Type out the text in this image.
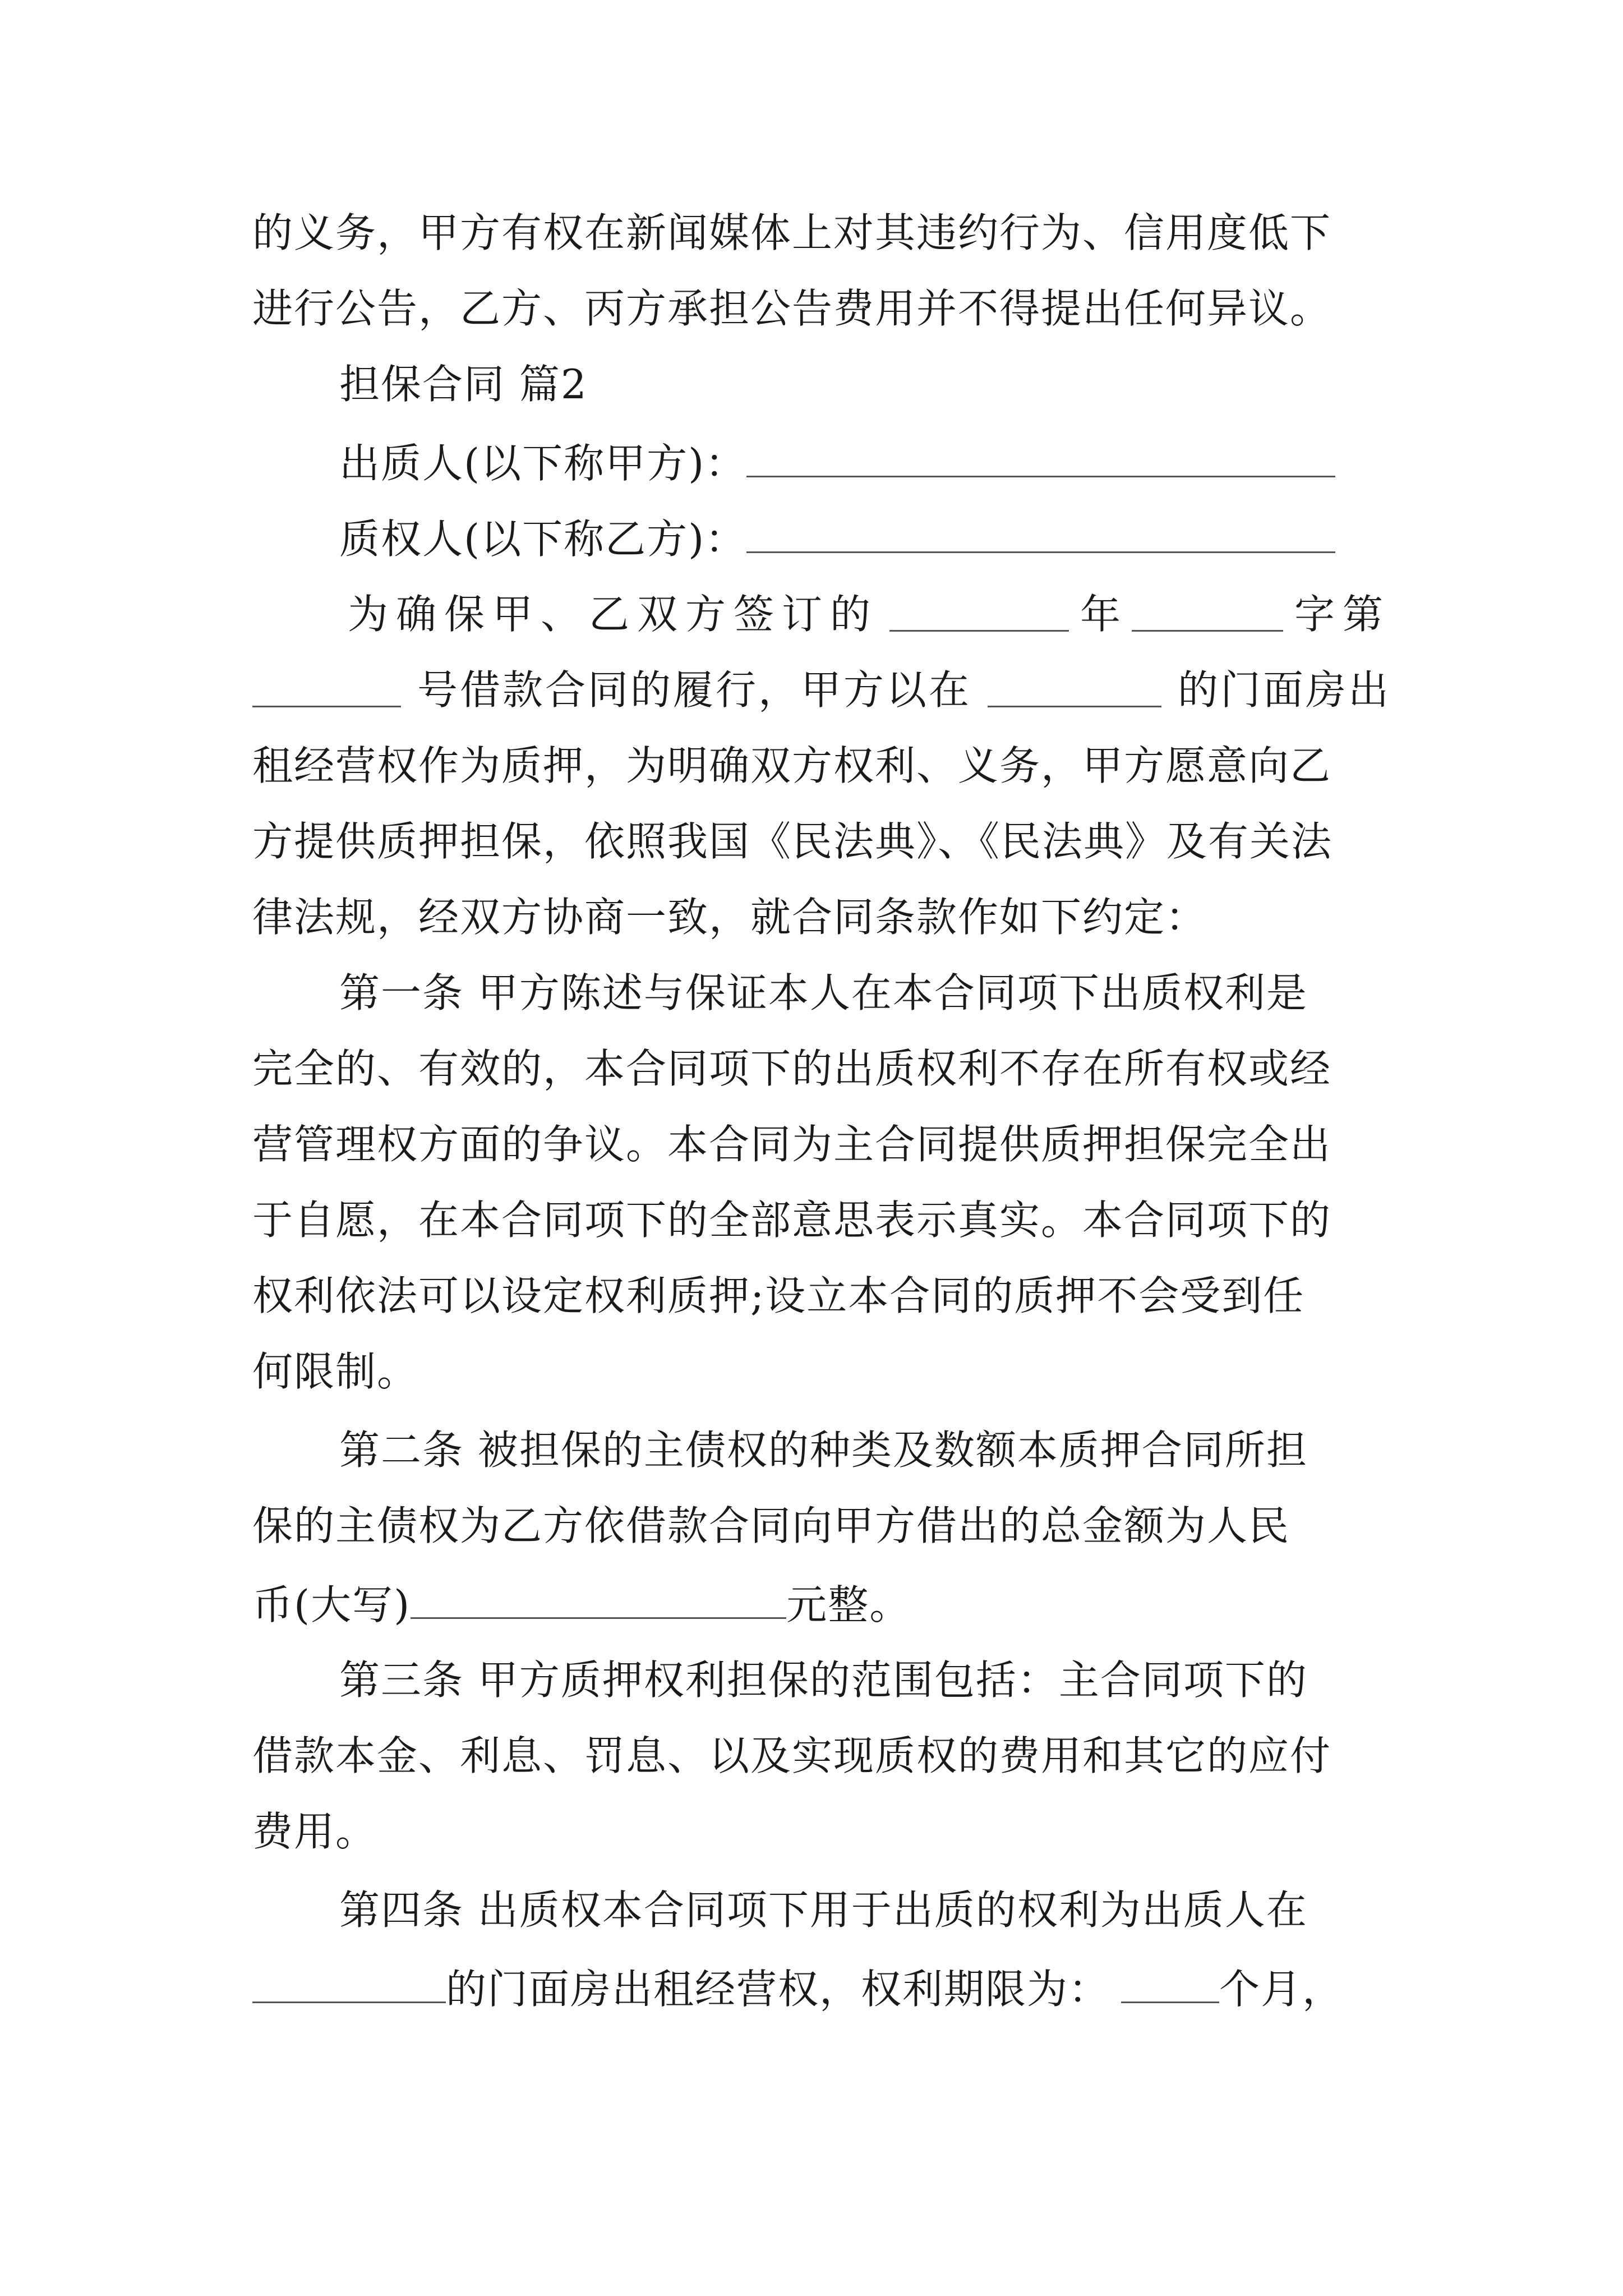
的义务，甲方有权在新闻媒体上对其违约行为、信用度低下
进行公告，乙方、丙方承担公告费用并不得提出任何异议。
担保合同 篇2
出质人(以下称甲方)：
质权人(以下称乙方)：
为确保甲、乙双方签订的	年	字第
号借款合同的履行，甲方以在	的门面房出
租经营权作为质押，为明确双方权利、义务，甲方愿意向乙
方提供质押担保，依照我国《民法典》、《民法典》及有关法
律法规，经双方协商一致，就合同条款作如下约定：
第一条 甲方陈述与保证本人在本合同项下出质权利是
完全的、有效的，本合同项下的出质权利不存在所有权或经
营管理权方面的争议。本合同为主合同提供质押担保完全出
于自愿，在本合同项下的全部意思表示真实。本合同项下的
权利依法可以设定权利质押;设立本合同的质押不会受到任
何限制。
第二条 被担保的主债权的种类及数额本质押合同所担
保的主债权为乙方依借款合同向甲方借出的总金额为人民
币(大写)	元整。
第三条 甲方质押权利担保的范围包括：主合同项下的
借款本金、利息、罚息、以及实现质权的费用和其它的应付
费用。
第四条 出质权本合同项下用于出质的权利为出质人在
的门面房出租经营权，权利期限为：	个月，
